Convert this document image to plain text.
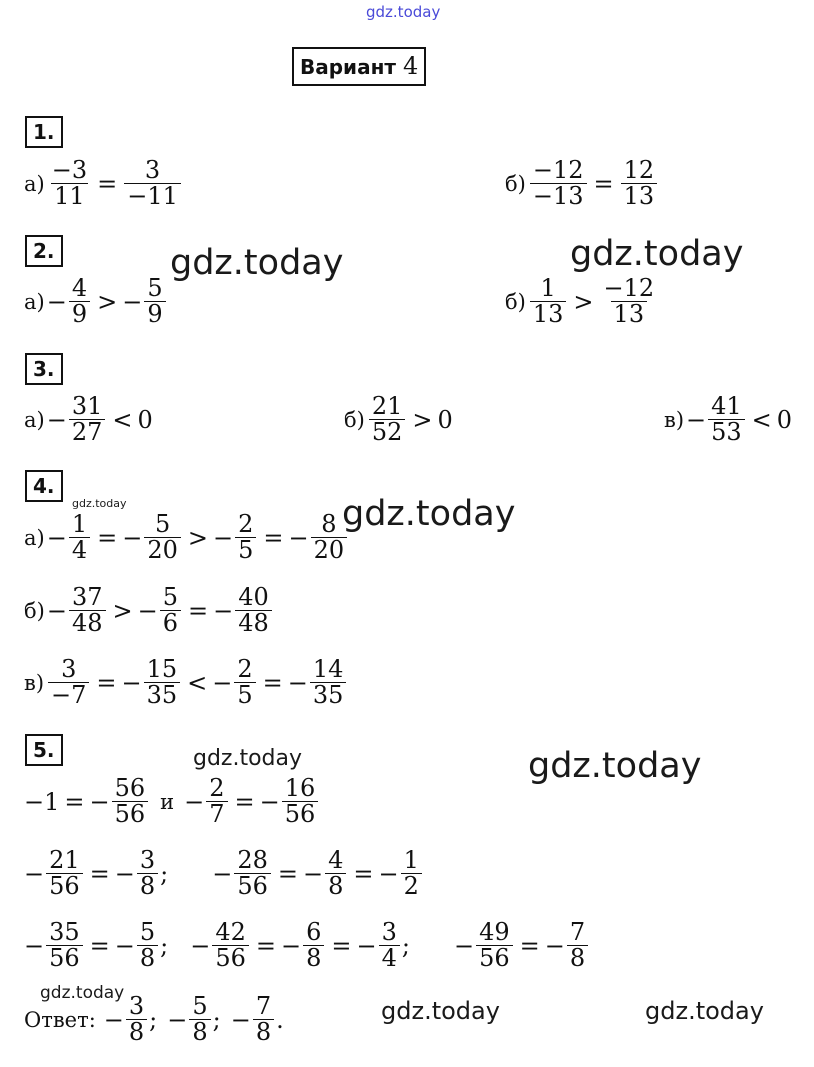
gdz.today
gdz.today	gdz.today
gdz.today	gdz.today
gdz.today	gdz.today
gdz.today
gdz.today	gdz.today
Вариант 4
1.
$а) \frac{-3}{11} = \frac{3}{-11}$	$б) \frac{-12}{-13} = \frac{12}{13}$
2.
$а) - \frac{4}{9}$ > − $\frac{5}{9}$	$б) \frac{1}{13} > \frac{-12}{13}$
3.
$а) - \frac{31}{27} < 0$	$б) \frac{21}{52} > 0$	$в) - \frac{41}{53} < 0$
4.
$а) - \frac{1}{4}$ = − $\frac{5}{20}$ > − $\frac{2}{5}$ = − $\frac{8}{20}$
$б) - \frac{37}{48}$ > − $\frac{5}{6}$ = − $\frac{40}{48}$
$в) \frac{3}{-7}$ = − $\frac{15}{35}$ < − $\frac{2}{5}$ = − $\frac{14}{35}$
5.
−1 = − $\frac{56}{56}$ $и - \frac{2}{7}$ = − $\frac{16}{56}$
− $\frac{21}{56}$ = − $\frac{3}{8}$ ; − $\frac{28}{56}$ = − $\frac{4}{8}$ = − $\frac{1}{2}$
− $\frac{35}{56}$ = − $\frac{5}{8}$ ; − $\frac{42}{56}$ = − $\frac{6}{8}$ = − $\frac{3}{4}$ ; − $\frac{49}{56}$ = − $\frac{7}{8}$
Ответ: − $\frac{3}{8}$ ; − $\frac{5}{8}$ ; − $\frac{7}{8}$ .
